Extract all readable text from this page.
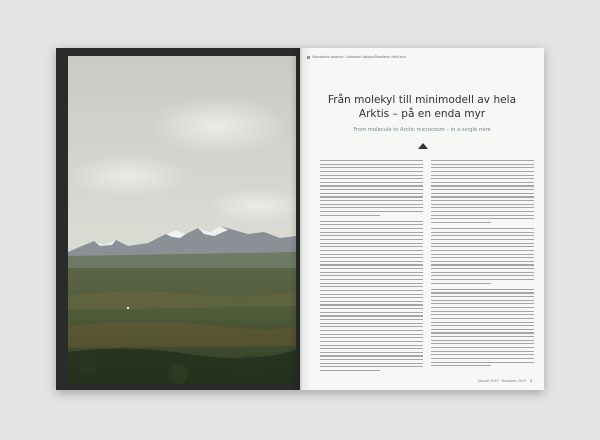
Stordalens palsmyr i utkanten Abisko/Stordalen field site
Från molekyl till minimodell av hela Arktis – på en enda myr
From molecule to Arctic microcosm – in a single mire
Januari 2015 · Stordalen 2015 5
